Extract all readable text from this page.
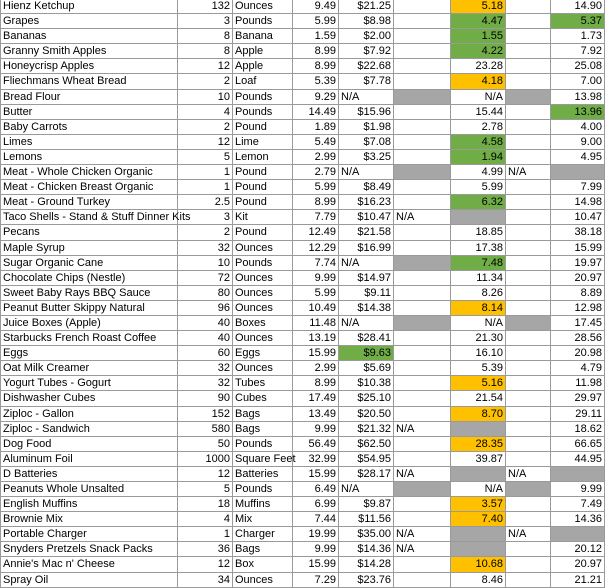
Hienz Ketchup	132	Ounces	9.49	$21.25		5.18		14.90
Grapes	3	Pounds	5.99	$8.98		4.47		5.37
Bananas	8	Banana	1.59	$2.00		1.55		1.73
Granny Smith Apples	8	Apple	8.99	$7.92		4.22		7.92
Honeycrisp Apples	12	Apple	8.99	$22.68		23.28		25.08
Fliechmans Wheat Bread	2	Loaf	5.39	$7.78		4.18		7.00
Bread Flour	10	Pounds	9.29	N/A		N/A		13.98
Butter	4	Pounds	14.49	$15.96		15.44		13.96
Baby Carrots	2	Pound	1.89	$1.98		2.78		4.00
Limes	12	Lime	5.49	$7.08		4.58		9.00
Lemons	5	Lemon	2.99	$3.25		1.94		4.95
Meat - Whole Chicken Organic	1	Pound	2.79	N/A		4.99	N/A	
Meat - Chicken Breast Organic	1	Pound	5.99	$8.49		5.99		7.99
Meat - Ground Turkey	2.5	Pound	8.99	$16.23		6.32		14.98
Taco Shells - Stand & Stuff Dinner Kits	3	Kit	7.79	$10.47	N/A			10.47
Pecans	2	Pound	12.49	$21.58		18.85		38.18
Maple Syrup	32	Ounces	12.29	$16.99		17.38		15.99
Sugar Organic Cane	10	Pounds	7.74	N/A		7.48		19.97
Chocolate Chips (Nestle)	72	Ounces	9.99	$14.97		11.34		20.97
Sweet Baby Rays BBQ Sauce	80	Ounces	5.99	$9.11		8.26		8.89
Peanut Butter Skippy Natural	96	Ounces	10.49	$14.38		8.14		12.98
Juice Boxes (Apple)	40	Boxes	11.48	N/A		N/A		17.45
Starbucks French Roast Coffee	40	Ounces	13.19	$28.41		21.30		28.56
Eggs	60	Eggs	15.99	$9.63		16.10		20.98
Oat Milk Creamer	32	Ounces	2.99	$5.69		5.39		4.79
Yogurt Tubes - Gogurt	32	Tubes	8.99	$10.38		5.16		11.98
Dishwasher Cubes	90	Cubes	17.49	$25.10		21.54		29.97
Ziploc - Gallon	152	Bags	13.49	$20.50		8.70		29.11
Ziploc - Sandwich	580	Bags	9.99	$21.32	N/A			18.62
Dog Food	50	Pounds	56.49	$62.50		28.35		66.65
Aluminum Foil	1000	Square Feet	32.99	$54.95		39.87		44.95
D Batteries	12	Batteries	15.99	$28.17	N/A		N/A	
Peanuts Whole Unsalted	5	Pounds	6.49	N/A		N/A		9.99
English Muffins	18	Muffins	6.99	$9.87		3.57		7.49
Brownie Mix	4	Mix	7.44	$11.56		7.40		14.36
Portable Charger	1	Charger	19.99	$35.00	N/A		N/A	
Snyders Pretzels Snack Packs	36	Bags	9.99	$14.36	N/A			20.12
Annie's Mac n' Cheese	12	Box	15.99	$14.28		10.68		20.97
Spray Oil	34	Ounces	7.29	$23.76		8.46		21.21
